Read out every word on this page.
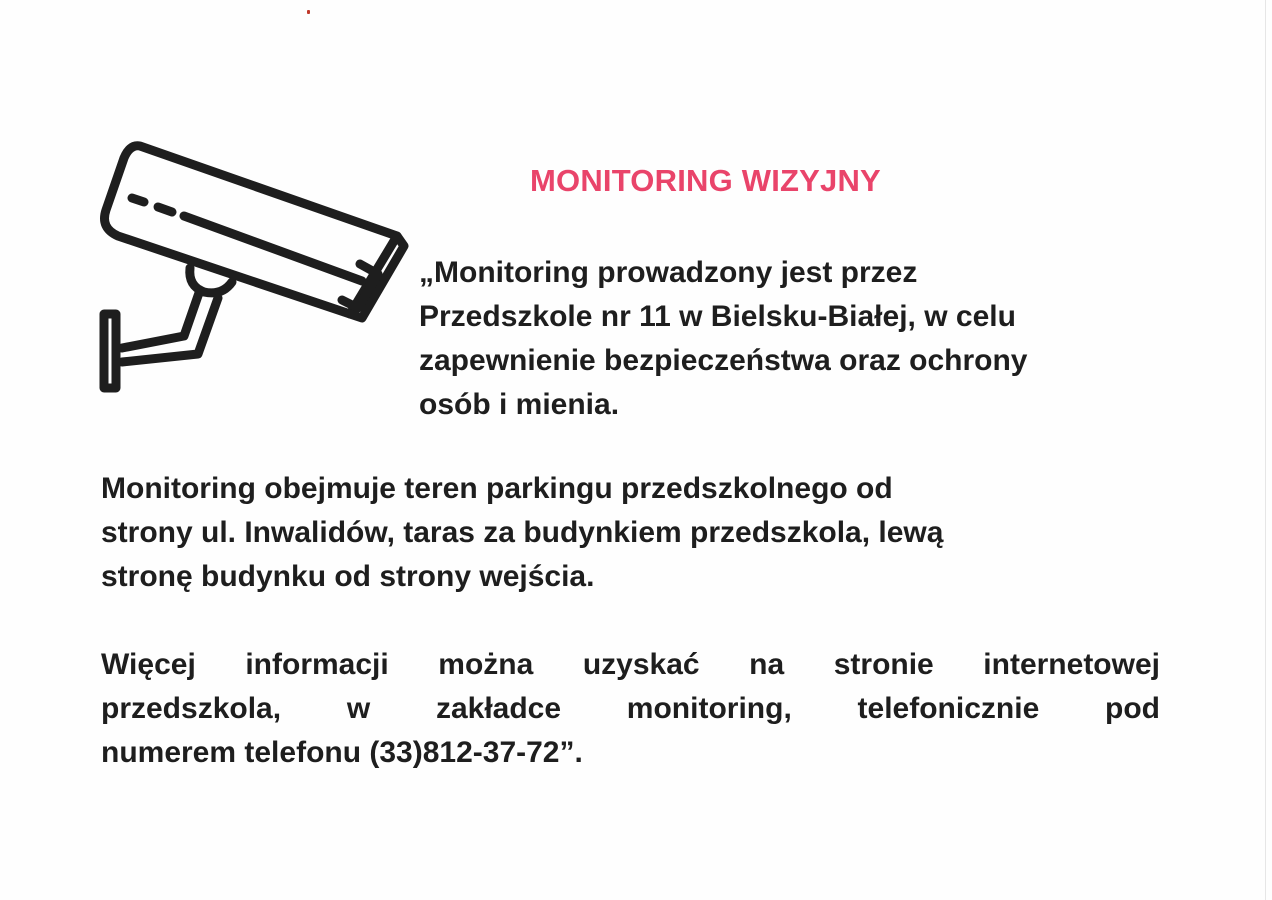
MONITORING WIZYJNY
„Monitoring prowadzony jest przez
Przedszkole nr 11 w Bielsku-Białej, w celu
zapewnienie bezpieczeństwa oraz ochrony
osób i mienia.
Monitoring obejmuje teren parkingu przedszkolnego od
strony ul. Inwalidów, taras za budynkiem przedszkola, lewą
stronę budynku od strony wejścia.
Więcej informacji można uzyskać na stronie internetowej
przedszkola, w zakładce monitoring, telefonicznie pod
numerem telefonu (33)812-37-72”.
